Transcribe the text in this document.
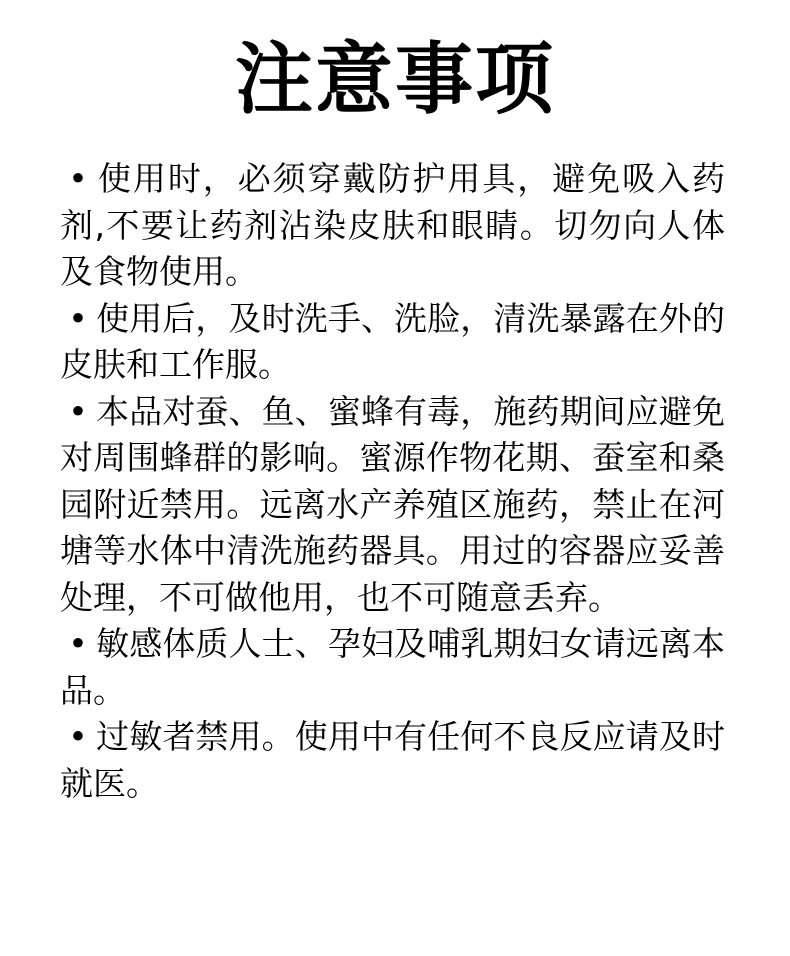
注意事项
• 使用时，必须穿戴防护用具，避免吸入药剂,不要让药剂沾染皮肤和眼睛。切勿向人体及食物使用。
• 使用后，及时洗手、洗脸，清洗暴露在外的皮肤和工作服。
• 本品对蚕、鱼、蜜蜂有毒，施药期间应避免对周围蜂群的影响。蜜源作物花期、蚕室和桑园附近禁用。远离水产养殖区施药，禁止在河塘等水体中清洗施药器具。用过的容器应妥善处理，不可做他用，也不可随意丢弃。
• 敏感体质人士、孕妇及哺乳期妇女请远离本品。
• 过敏者禁用。使用中有任何不良反应请及时就医。
